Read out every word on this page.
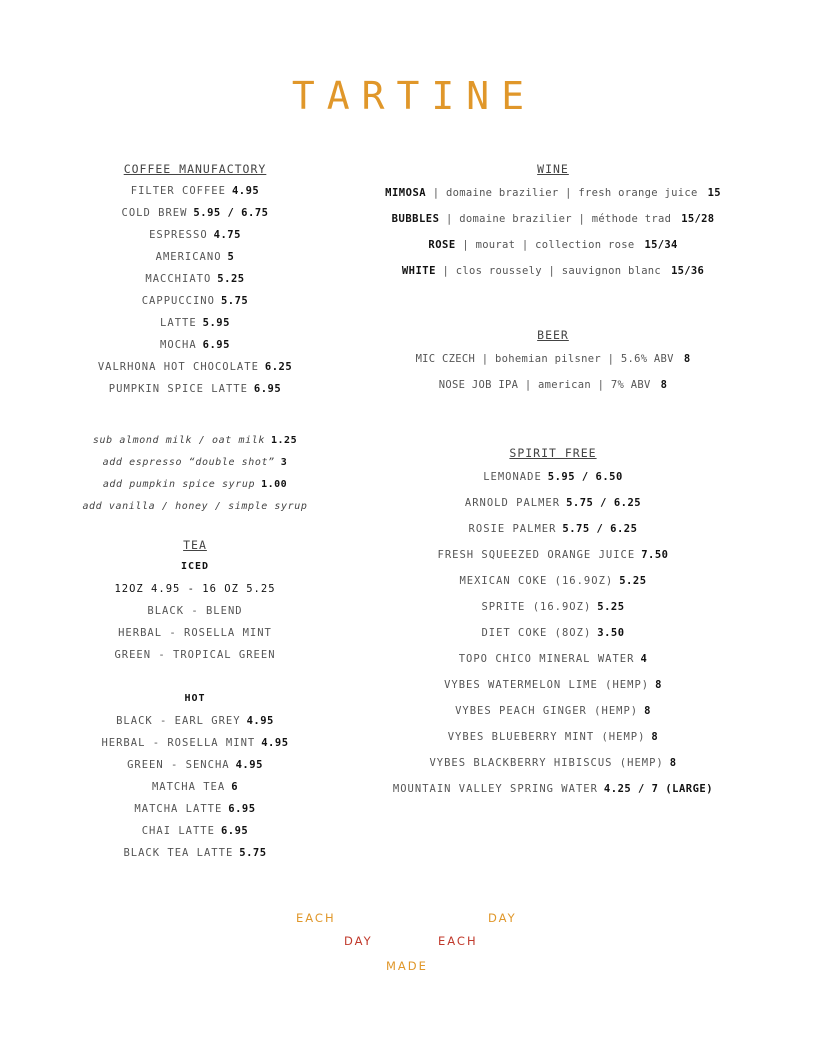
TARTINE
COFFEE MANUFACTORY
FILTER COFFEE 4.95
COLD BREW 5.95 / 6.75
ESPRESSO 4.75
AMERICANO 5
MACCHIATO 5.25
CAPPUCCINO 5.75
LATTE 5.95
MOCHA 6.95
VALRHONA HOT CHOCOLATE 6.25
PUMPKIN SPICE LATTE 6.95
sub almond milk / oat milk 1.25
add espresso “double shot” 3
add pumpkin spice syrup 1.00
add vanilla / honey / simple syrup
TEA
ICED
12OZ 4.95 - 16 OZ 5.25
BLACK - BLEND
HERBAL - ROSELLA MINT
GREEN - TROPICAL GREEN
HOT
BLACK - EARL GREY 4.95
HERBAL - ROSELLA MINT 4.95
GREEN - SENCHA 4.95
MATCHA TEA 6
MATCHA LATTE 6.95
CHAI LATTE 6.95
BLACK TEA LATTE 5.75
WINE
MIMOSA | domaine brazilier | fresh orange juice 15
BUBBLES | domaine brazilier | méthode trad 15/28
ROSE | mourat | collection rose 15/34
WHITE | clos roussely | sauvignon blanc 15/36
BEER
MIC CZECH | bohemian pilsner | 5.6% ABV 8
NOSE JOB IPA | american | 7% ABV 8
SPIRIT FREE
LEMONADE 5.95 / 6.50
ARNOLD PALMER 5.75 / 6.25
ROSIE PALMER 5.75 / 6.25
FRESH SQUEEZED ORANGE JUICE 7.50
MEXICAN COKE (16.9OZ) 5.25
SPRITE (16.9OZ) 5.25
DIET COKE (8OZ) 3.50
TOPO CHICO MINERAL WATER 4
VYBES WATERMELON LIME (HEMP) 8
VYBES PEACH GINGER (HEMP) 8
VYBES BLUEBERRY MINT (HEMP) 8
VYBES BLACKBERRY HIBISCUS (HEMP) 8
MOUNTAIN VALLEY SPRING WATER 4.25 / 7 (LARGE)
EACH	DAY
DAY	EACH
MADE
